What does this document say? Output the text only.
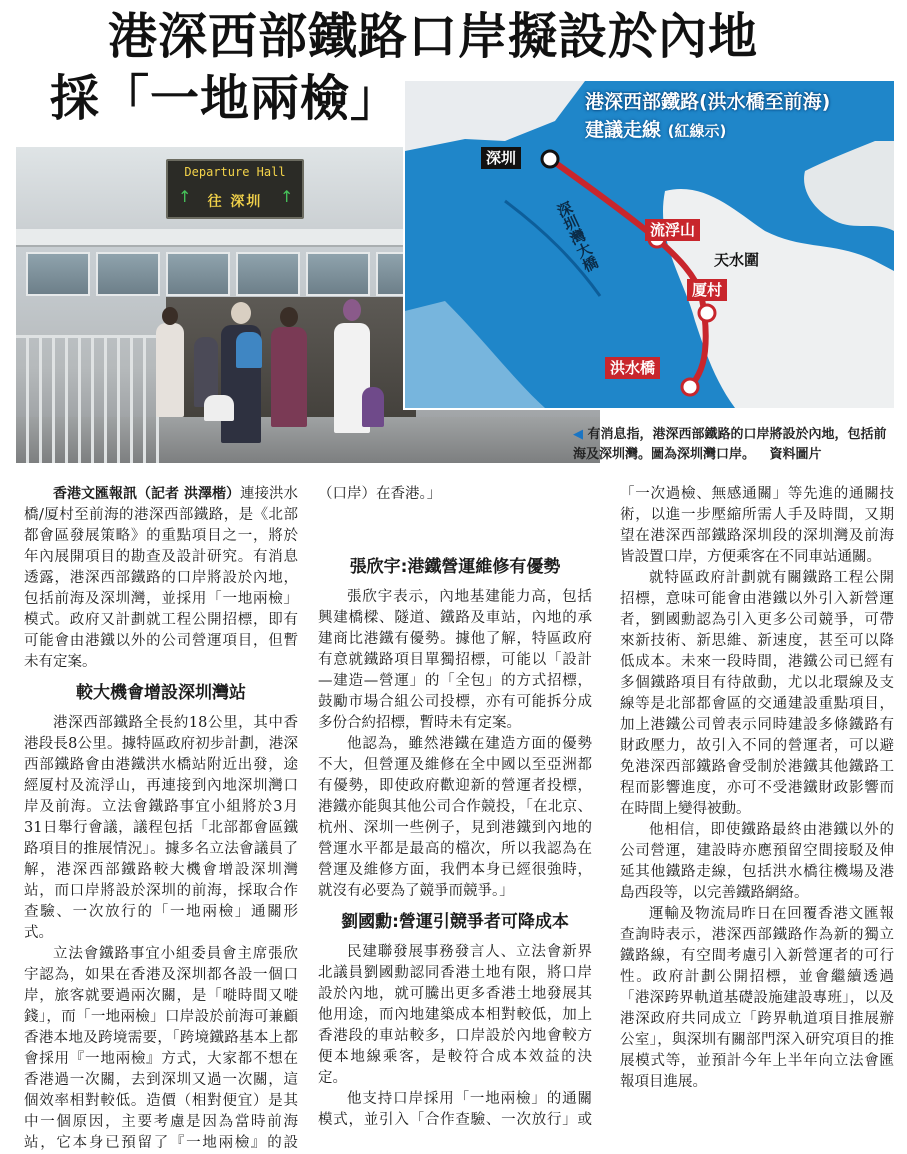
港深西部鐵路口岸擬設於內地
採「一地兩檢」
Departure Hall
↑	往 深圳	↑
港深西部鐵路(洪水橋至前海)
建議走線 (紅線示)
深圳
流浮山
厦村
洪水橋
天水圍
深圳灣大橋
◀ 有消息指，港深西部鐵路的口岸將設於內地，包括前海及深圳灣。圖為深圳灣口岸。 資料圖片

香港文匯報訊（記者 洪澤楷）連接洪水橋/厦村至前海的港深西部鐵路，是《北部都會區發展策略》的重點項目之一，將於年內展開項目的勘查及設計研究。有消息透露，港深西部鐵路的口岸將設於內地，包括前海及深圳灣，並採用「一地兩檢」模式。政府又計劃就工程公開招標，即有可能會由港鐵以外的公司營運項目，但暫未有定案。

較大機會增設深圳灣站

港深西部鐵路全長約18公里，其中香港段長8公里。據特區政府初步計劃，港深西部鐵路會由港鐵洪水橋站附近出發，途經厦村及流浮山，再連接到內地深圳灣口岸及前海。立法會鐵路事宜小組將於3月31日舉行會議，議程包括「北部都會區鐵路項目的推展情況」。據多名立法會議員了解，港深西部鐵路較大機會增設深圳灣站，而口岸將設於深圳的前海，採取合作查驗、一次放行的「一地兩檢」通關形式。

立法會鐵路事宜小組委員會主席張欣宇認為，如果在香港及深圳都各設一個口岸，旅客就要過兩次關，是「嘥時間又嘥錢」，而「一地兩檢」口岸設於前海可兼顧香港本地及跨境需要，「跨境鐵路基本上都會採用『一地兩檢』方式，大家都不想在香港過一次關，去到深圳又過一次關，這個效率相對較低。造價（相對便宜）是其中一個原因，主要考慮是因為當時前海站，它本身已預留了『一地兩檢』的設

（口岸）在香港。」

張欣宇:港鐵營運維修有優勢

張欣宇表示，內地基建能力高，包括興建橋樑、隧道、鐵路及車站，內地的承建商比港鐵有優勢。據他了解，特區政府有意就鐵路項目單獨招標，可能以「設計—建造—營運」的「全包」的方式招標，鼓勵市場合組公司投標，亦有可能拆分成多份合約招標，暫時未有定案。

他認為，雖然港鐵在建造方面的優勢不大，但營運及維修在全中國以至亞洲都有優勢，即使政府歡迎新的營運者投標，港鐵亦能與其他公司合作競投，「在北京、杭州、深圳一些例子，見到港鐵到內地的營運水平都是最高的檔次，所以我認為在營運及維修方面，我們本身已經很強時，就沒有必要為了競爭而競爭。」

劉國勳:營運引競爭者可降成本

民建聯發展事務發言人、立法會新界北議員劉國勳認同香港土地有限，將口岸設於內地，就可騰出更多香港土地發展其他用途，而內地建築成本相對較低，加上香港段的車站較多，口岸設於內地會較方便本地線乘客，是較符合成本效益的決定。

他支持口岸採用「一地兩檢」的通關模式，並引入「合作查驗、一次放行」或

「一次過檢、無感通關」等先進的通關技術，以進一步壓縮所需人手及時間，又期望在港深西部鐵路深圳段的深圳灣及前海皆設置口岸，方便乘客在不同車站通關。

就特區政府計劃就有關鐵路工程公開招標，意味可能會由港鐵以外引入新營運者，劉國勳認為引入更多公司競爭，可帶來新技術、新思維、新速度，甚至可以降低成本。未來一段時間，港鐵公司已經有多個鐵路項目有待啟動，尤以北環線及支線等是北部都會區的交通建設重點項目，加上港鐵公司曾表示同時建設多條鐵路有財政壓力，故引入不同的營運者，可以避免港深西部鐵路會受制於港鐵其他鐵路工程而影響進度，亦可不受港鐵財政影響而在時間上變得被動。

他相信，即使鐵路最終由港鐵以外的公司營運，建設時亦應預留空間接駁及伸延其他鐵路走線，包括洪水橋往機場及港島西段等，以完善鐵路網絡。

運輸及物流局昨日在回覆香港文匯報查詢時表示，港深西部鐵路作為新的獨立鐵路線，有空間考慮引入新營運者的可行性。政府計劃公開招標，並會繼續透過「港深跨界軌道基礎設施建設專班」，以及港深政府共同成立「跨界軌道項目推展辦公室」，與深圳有關部門深入研究項目的推展模式等，並預計今年上半年向立法會匯報項目進展。
